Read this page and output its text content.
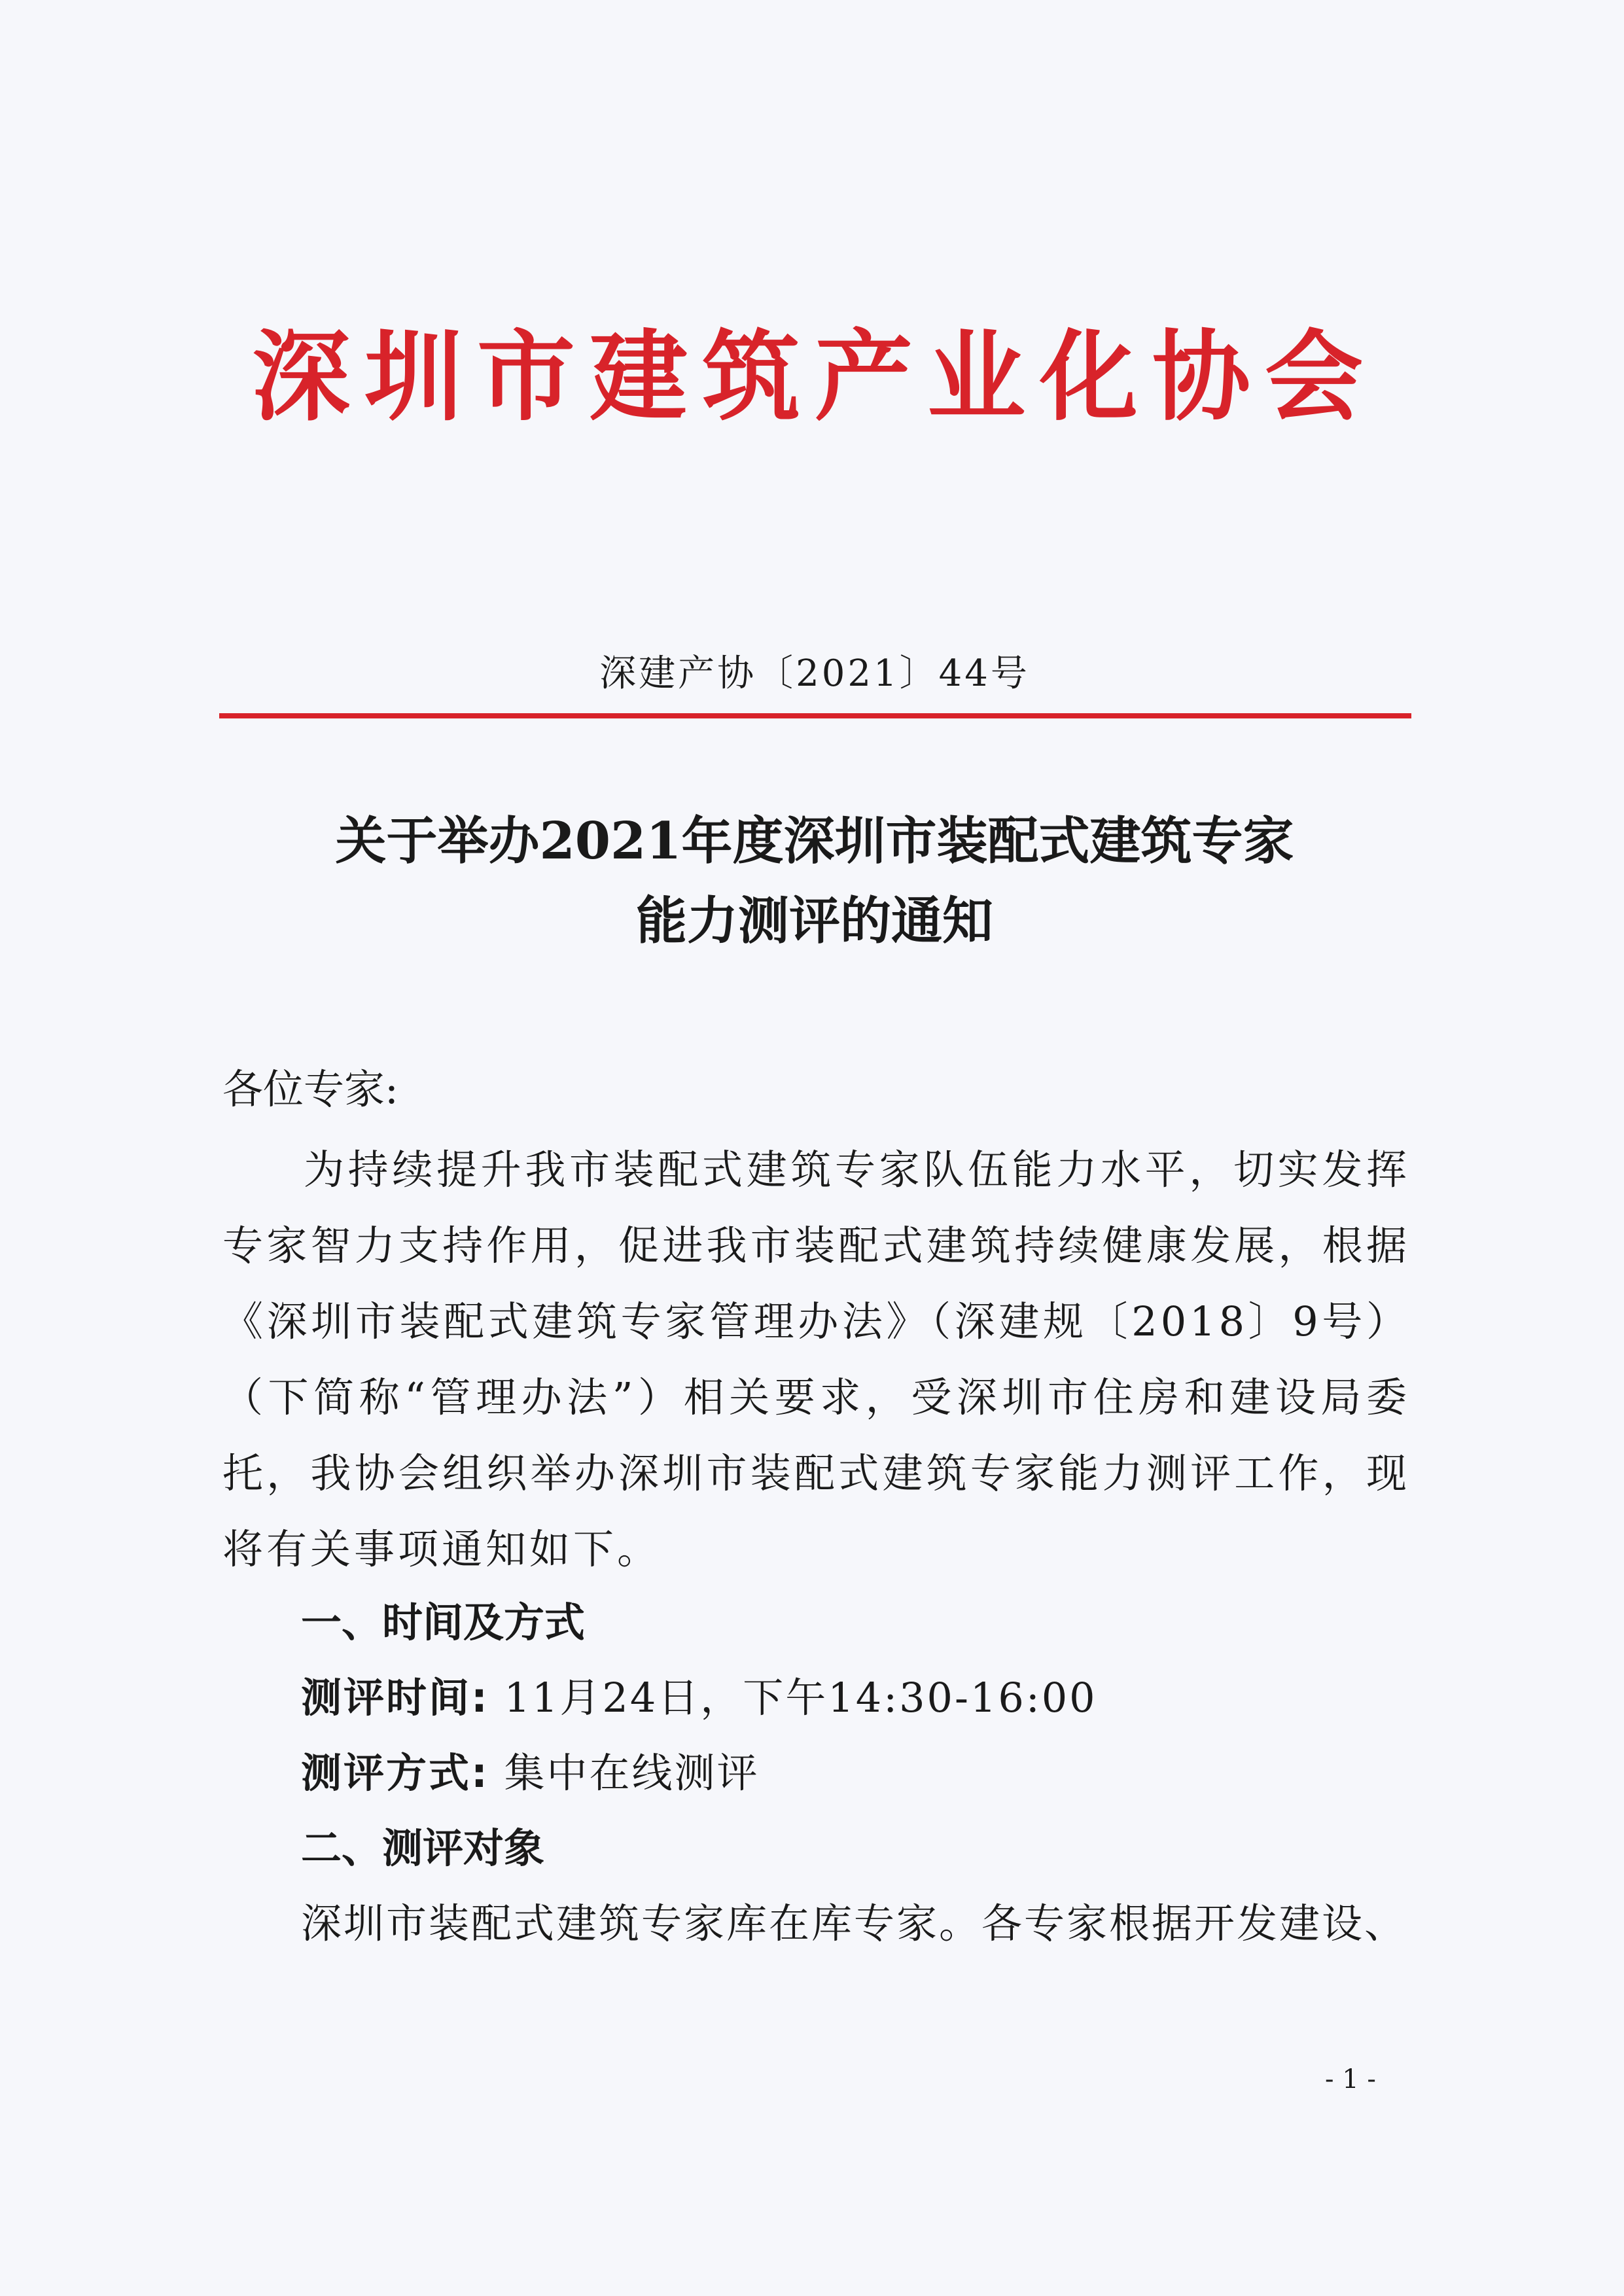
深圳市建筑产业化协会
深建产协〔2021〕44号
关于举办2021年度深圳市装配式建筑专家
能力测评的通知
各位专家:
为持续提升我市装配式建筑专家队伍能力水平，切实发挥专家智力支持作用，促进我市装配式建筑持续健康发展，根据《深圳市装配式建筑专家管理办法》（深建规〔2018〕9号）（下简称“管理办法”）相关要求，受深圳市住房和建设局委托，我协会组织举办深圳市装配式建筑专家能力测评工作，现将有关事项通知如下。
一、时间及方式
测评时间: 11月24日，下午14:30-16:00
测评方式: 集中在线测评
二、测评对象
深圳市装配式建筑专家库在库专家。各专家根据开发建设、
- 1 -
